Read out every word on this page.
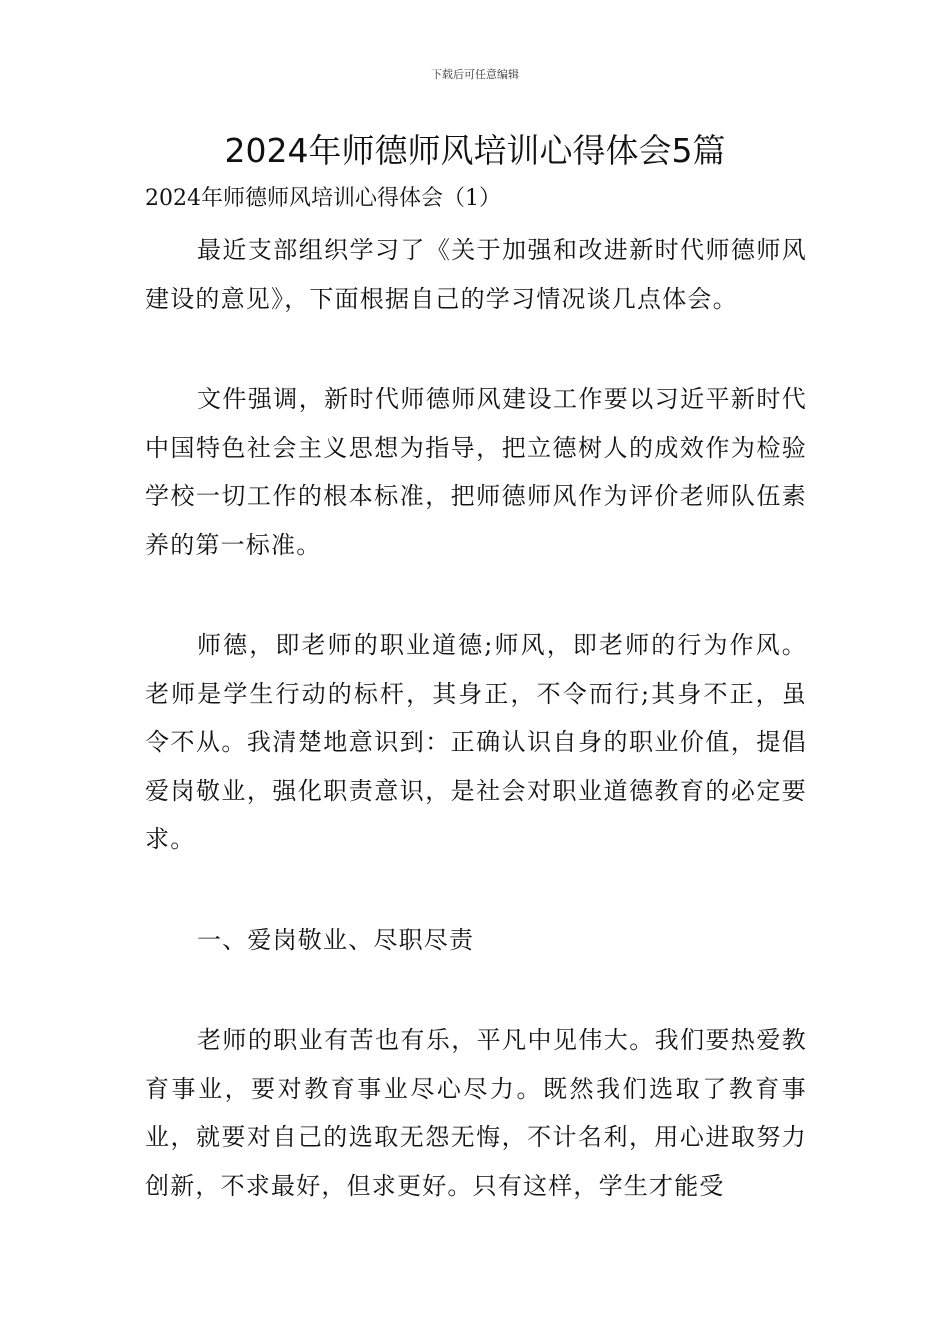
下载后可任意编辑
2024年师德师风培训心得体会5篇

2024年师德师风培训心得体会（1）

最近支部组织学习了《关于加强和改进新时代师德师风建设的意见》，下面根据自己的学习情况谈几点体会。

文件强调，新时代师德师风建设工作要以习近平新时代中国特色社会主义思想为指导，把立德树人的成效作为检验学校一切工作的根本标准，把师德师风作为评价老师队伍素养的第一标准。

师德，即老师的职业道德;师风，即老师的行为作风。老师是学生行动的标杆，其身正，不令而行;其身不正，虽令不从。我清楚地意识到：正确认识自身的职业价值，提倡爱岗敬业，强化职责意识，是社会对职业道德教育的必定要求。

一、爱岗敬业、尽职尽责

老师的职业有苦也有乐，平凡中见伟大。我们要热爱教育事业，要对教育事业尽心尽力。既然我们选取了教育事业，就要对自己的选取无怨无悔，不计名利，用心进取努力创新，不求最好，但求更好。只有这样，学生才能受
